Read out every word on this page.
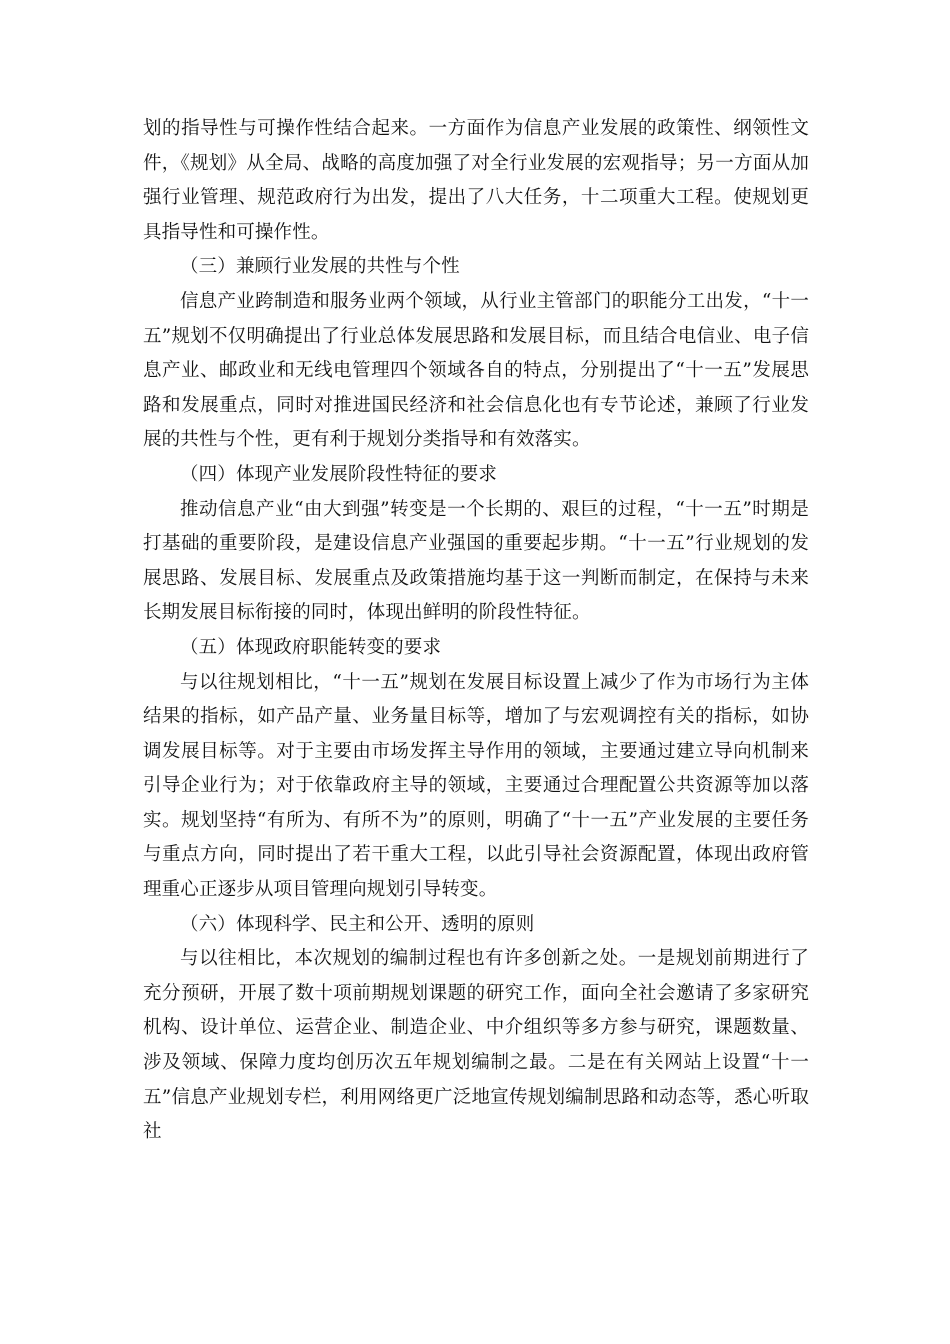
划的指导性与可操作性结合起来。一方面作为信息产业发展的政策性、纲领性文件，《规划》从全局、战略的高度加强了对全行业发展的宏观指导；另一方面从加强行业管理、规范政府行为出发，提出了八大任务，十二项重大工程。使规划更具指导性和可操作性。

（三）兼顾行业发展的共性与个性

信息产业跨制造和服务业两个领域，从行业主管部门的职能分工出发，“十一五”规划不仅明确提出了行业总体发展思路和发展目标，而且结合电信业、电子信息产业、邮政业和无线电管理四个领域各自的特点，分别提出了“十一五”发展思路和发展重点，同时对推进国民经济和社会信息化也有专节论述，兼顾了行业发展的共性与个性，更有利于规划分类指导和有效落实。

（四）体现产业发展阶段性特征的要求

推动信息产业“由大到强”转变是一个长期的、艰巨的过程，“十一五”时期是打基础的重要阶段，是建设信息产业强国的重要起步期。“十一五”行业规划的发展思路、发展目标、发展重点及政策措施均基于这一判断而制定，在保持与未来长期发展目标衔接的同时，体现出鲜明的阶段性特征。

（五）体现政府职能转变的要求

与以往规划相比，“十一五”规划在发展目标设置上减少了作为市场行为主体结果的指标，如产品产量、业务量目标等，增加了与宏观调控有关的指标，如协调发展目标等。对于主要由市场发挥主导作用的领域，主要通过建立导向机制来引导企业行为；对于依靠政府主导的领域，主要通过合理配置公共资源等加以落实。规划坚持“有所为、有所不为”的原则，明确了“十一五”产业发展的主要任务与重点方向，同时提出了若干重大工程，以此引导社会资源配置，体现出政府管理重心正逐步从项目管理向规划引导转变。

（六）体现科学、民主和公开、透明的原则

与以往相比，本次规划的编制过程也有许多创新之处。一是规划前期进行了充分预研，开展了数十项前期规划课题的研究工作，面向全社会邀请了多家研究机构、设计单位、运营企业、制造企业、中介组织等多方参与研究，课题数量、涉及领域、保障力度均创历次五年规划编制之最。二是在有关网站上设置“十一五”信息产业规划专栏，利用网络更广泛地宣传规划编制思路和动态等，悉心听取社
